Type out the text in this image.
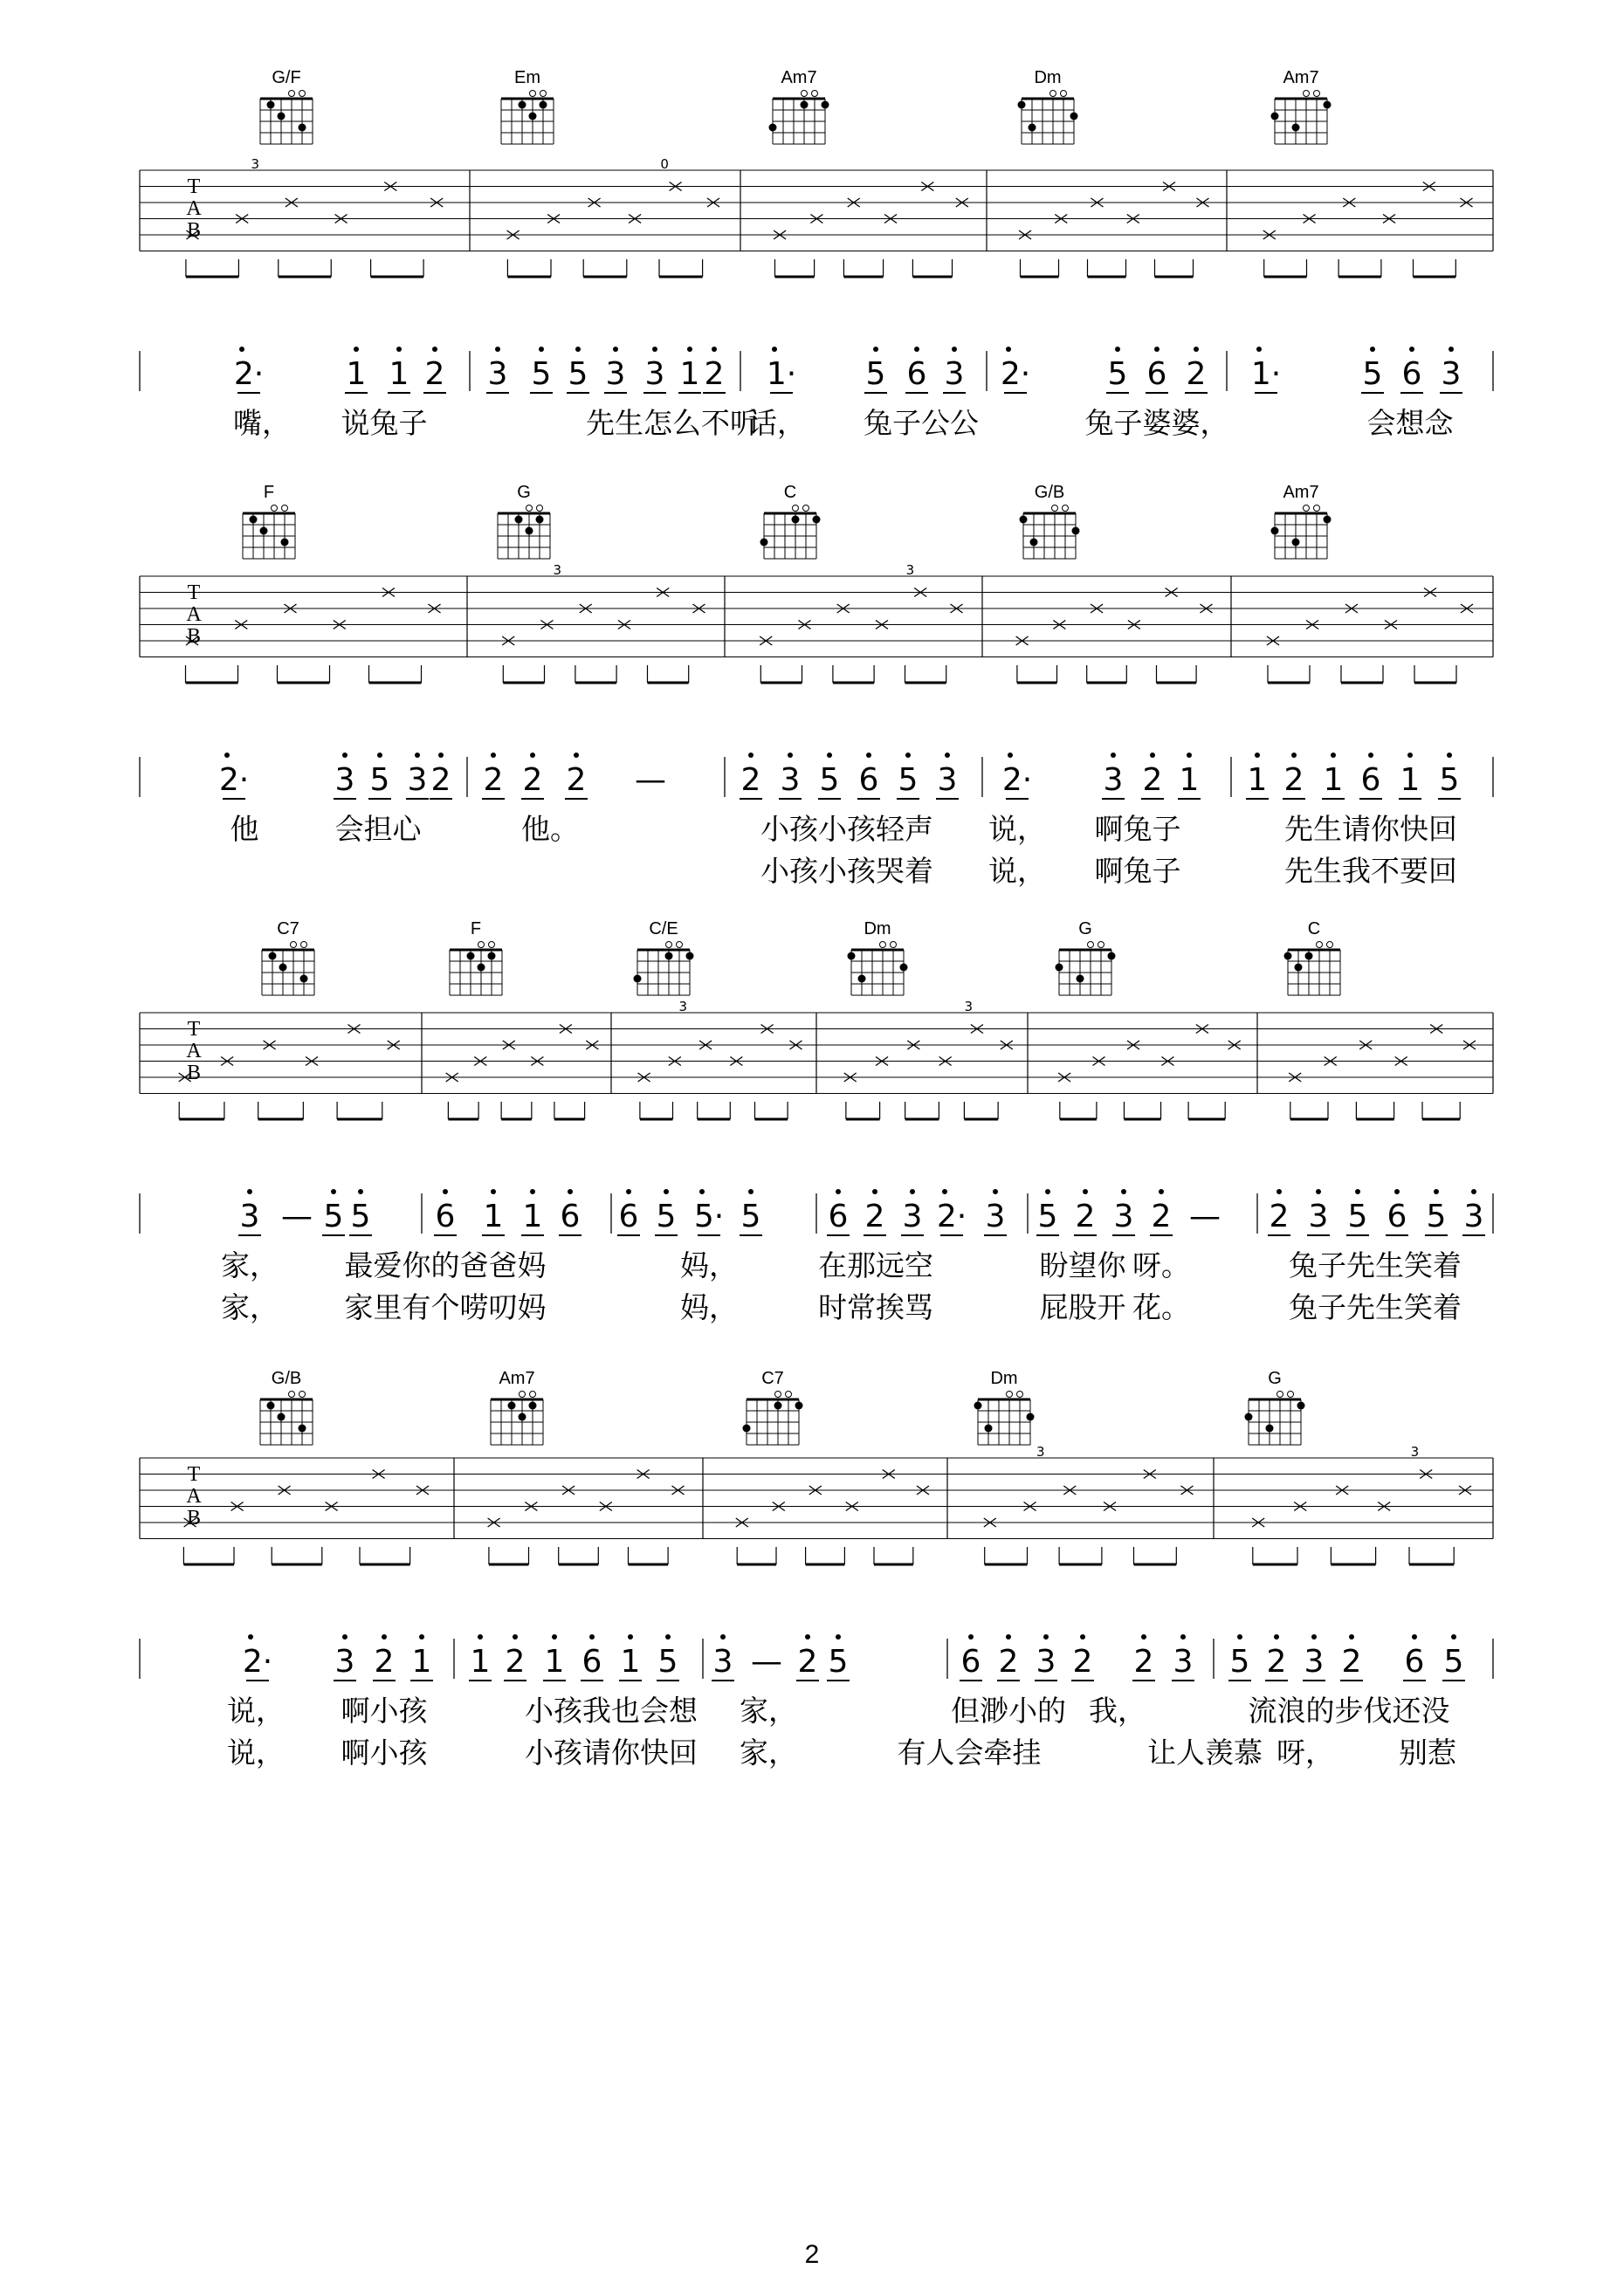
G/F	Em	Am7	Dm	Am7
T
A
B
3	0
2·	1 1 2 3 5 5 3 3 1 2 1· 5 6 3 2· 5 6 2 1·	5 6 3
嘴， 说兔子	先生怎么不听
话， 兔子公公	兔子婆婆，	会想念
F	G	C	G/B	Am7
T
A
B
3	3
2·	3 5 3 2 2 2 2 — 2 3 5 6 5 3 2· 3 2 1 1 2 1 6 1 5
他	会担心	他。	小孩小孩轻声 说， 啊兔子	先生请你快回
小孩小孩哭着 说， 啊兔子	先生我不要回
C7	F	C/E	Dm	G	C
T
A
B
3	3
3 — 5 5 6 1 1 6 6 5 5· 5 6 2 3 2· 3 5 2 3 2 — 2 3 5 6 5 3
家， 最爱你的爸爸妈	妈，	在那远空	盼望你 呀。	兔子先生笑着
家， 家里有个唠叨妈	妈，	时常挨骂	屁股开 花。	兔子先生笑着
G/B	Am7	C7	Dm	G
T
A
B
3	3
2· 3 2 1 1 2 1 6 1 5 3 — 2 5	6 2 3 2 2 3 5 2 3 2 6 5
说， 啊小孩	小孩我也会想 家，	但渺小的 我，	流浪的步伐还没
说， 啊小孩	小孩请你快回 家，	有人会牵挂	让人羡慕 呀， 别惹
2
